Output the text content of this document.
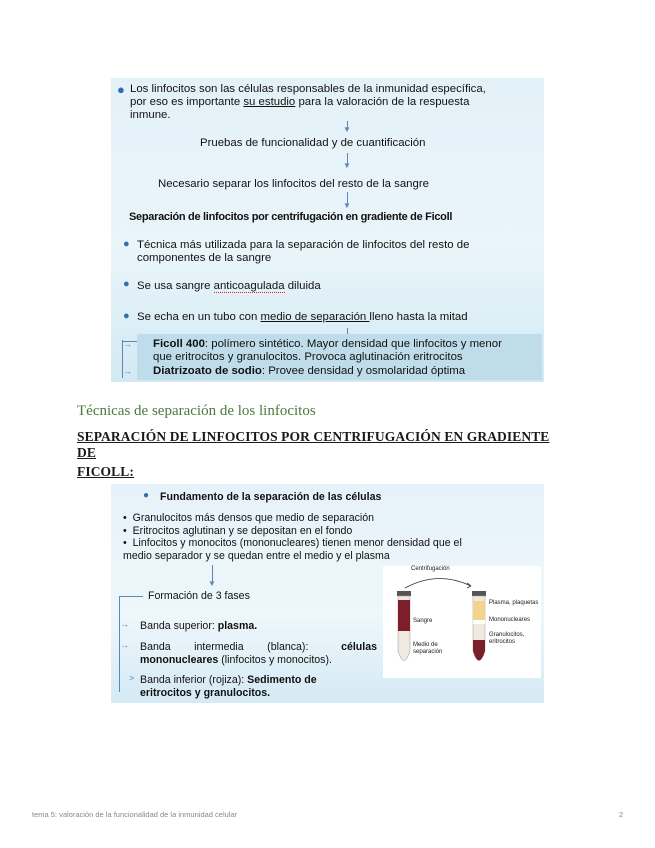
● Los linfocitos son las células responsables de la inmunidad específica,
por eso es importante su estudio para la valoración de la respuesta
inmune.
▼
Pruebas de funcionalidad y de cuantificación
▼
Necesario separar los linfocitos del resto de la sangre
▼
Separación de linfocitos por centrifugación en gradiente de Ficoll
● Técnica más utilizada para la separación de linfocitos del resto de
componentes de la sangre
● Se usa sangre anticoagulada diluida
● Se echa en un tubo con medio de separación lleno hasta la mitad
→ Ficoll 400: polímero sintético. Mayor densidad que linfocitos y menor
que eritrocitos y granulocitos. Provoca aglutinación eritrocitos
→ Diatrizoato de sodio: Provee densidad y osmolaridad óptima
Técnicas de separación de los linfocitos
SEPARACIÓN DE LINFOCITOS POR CENTRIFUGACIÓN EN GRADIENTE DE
FICOLL:
● Fundamento de la separación de las células
•  Granulocitos más densos que medio de separación
•  Eritrocitos aglutinan y se depositan en el fondo
•  Linfocitos y monocitos (mononucleares) tienen menor densidad que el
medio separador y se quedan entre el medio y el plasma
▼
Formación de 3 fases
→ Banda superior: plasma.
→ Banda        intermedia        (blanca):	células
mononucleares (linfocitos y monocitos).
> Banda inferior (rojiza): Sedimento de
eritrocitos y granulocitos.
Centrifugación
Sangre
Medio de
separación
Plasma, plaquetas
Mononucleares
Granulocitos,
eritrocitos
tema 5: valoración de la funcionalidad de la inmunidad celular	2
